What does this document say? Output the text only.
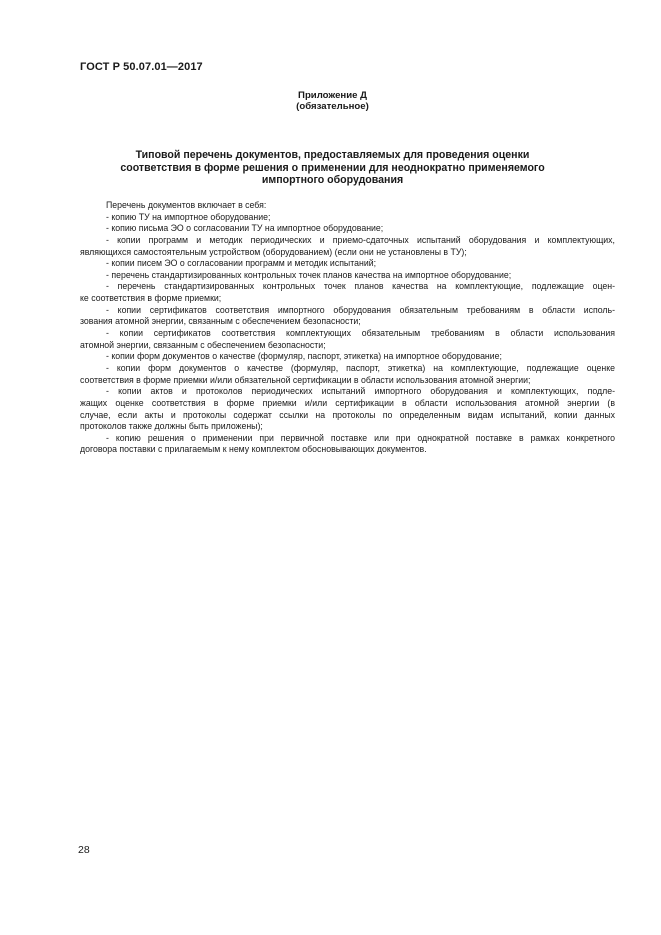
ГОСТ Р 50.07.01—2017
Приложение Д
(обязательное)
Типовой перечень документов, предоставляемых для проведения оценки
соответствия в форме решения о применении для неоднократно применяемого
импортного оборудования
Перечень документов включает в себя:
- копию ТУ на импортное оборудование;
- копию письма ЭО о согласовании ТУ на импортное оборудование;
- копии программ и методик периодических и приемо-сдаточных испытаний оборудования и комплектующих,
являющихся самостоятельным устройством (оборудованием) (если они не установлены в ТУ);
- копии писем ЭО о согласовании программ и методик испытаний;
- перечень стандартизированных контрольных точек планов качества на импортное оборудование;
- перечень стандартизированных контрольных точек планов качества на комплектующие, подлежащие оцен-
ке соответствия в форме приемки;
- копии сертификатов соответствия импортного оборудования обязательным требованиям в области исполь-
зования атомной энергии, связанным с обеспечением безопасности;
- копии сертификатов соответствия комплектующих обязательным требованиям в области использования
атомной энергии, связанным с обеспечением безопасности;
- копии форм документов о качестве (формуляр, паспорт, этикетка) на импортное оборудование;
- копии форм документов о качестве (формуляр, паспорт, этикетка) на комплектующие, подлежащие оценке
соответствия в форме приемки и/или обязательной сертификации в области использования атомной энергии;
- копии актов и протоколов периодических испытаний импортного оборудования и комплектующих, подле-
жащих оценке соответствия в форме приемки и/или сертификации в области использования атомной энергии (в
случае, если акты и протоколы содержат ссылки на протоколы по определенным видам испытаний, копии данных
протоколов также должны быть приложены);
- копию решения о применении при первичной поставке или при однократной поставке в рамках конкретного
договора поставки с прилагаемым к нему комплектом обосновывающих документов.
28
